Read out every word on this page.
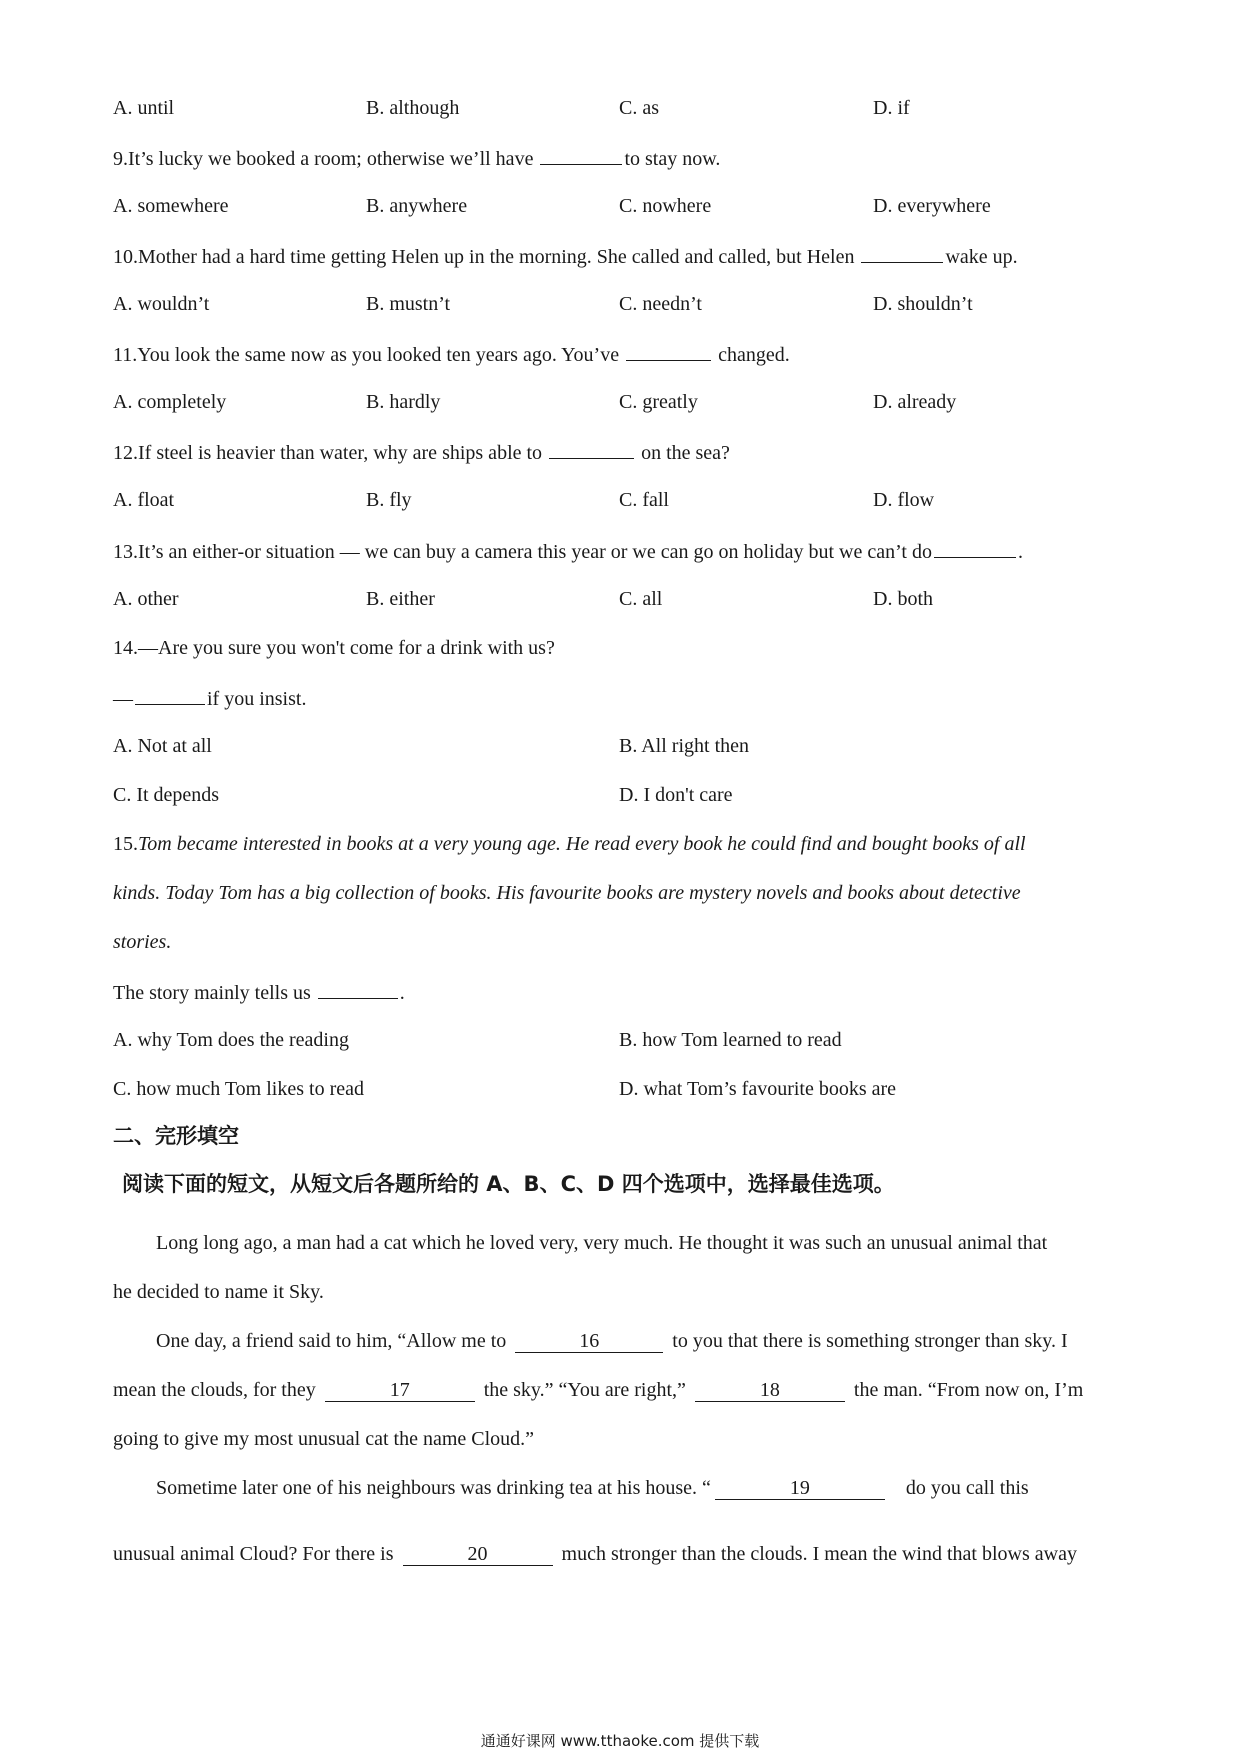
A. until	B. although	C. as	D. if
9.It’s lucky we booked a room; otherwise we’ll have	to stay now.
A. somewhere	B. anywhere	C. nowhere	D. everywhere
10.Mother had a hard time getting Helen up in the morning. She called and called, but Helen	wake up.
A. wouldn’t	B. mustn’t	C. needn’t	D. shouldn’t
11.You look the same now as you looked ten years ago. You’ve	changed.
A. completely	B. hardly	C. greatly	D. already
12.If steel is heavier than water, why are ships able to	on the sea?
A. float	B. fly	C. fall	D. flow
13.It’s an either-or situation — we can buy a camera this year or we can go on holiday but we can’t do	.
A. other	B. either	C. all	D. both
14.—Are you sure you won't come for a drink with us?
—	if you insist.
A. Not at all	B. All right then
C. It depends	D. I don't care
15.Tom became interested in books at a very young age. He read every book he could find and bought books of all
kinds. Today Tom has a big collection of books. His favourite books are mystery novels and books about detective
stories.
The story mainly tells us	.
A. why Tom does the reading	B. how Tom learned to read
C. how much Tom likes to read	D. what Tom’s favourite books are
二、完形填空
阅读下面的短文，从短文后各题所给的 A、B、C、D 四个选项中，选择最佳选项。
Long long ago, a man had a cat which he loved very, very much. He thought it was such an unusual animal that
he decided to name it Sky.
One day, a friend said to him, “Allow me to	16	to you that there is something stronger than sky. I
mean the clouds, for they	17	the sky.” “You are right,”	18	the man. “From now on, I’m
going to give my most unusual cat the name Cloud.”
Sometime later one of his neighbours was drinking tea at his house. “	19	do you call this
unusual animal Cloud? For there is	20	much stronger than the clouds. I mean the wind that blows away
通通好课网 www.tthaoke.com 提供下载
